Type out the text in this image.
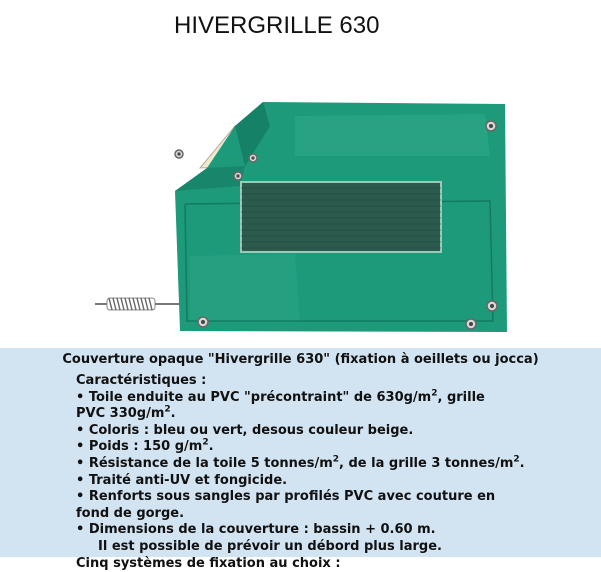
HIVERGRILLE 630
Couverture opaque "Hivergrille 630" (fixation à oeillets ou jocca)
Caractéristiques :
• Toile enduite au PVC "précontraint" de $630g/m^2$, grille PVC $330g/m^2$.
• Coloris : bleu ou vert, desous couleur beige.
• Poids : 150 $g/m^2$.
• Résistance de la toile 5 tonnes/$m^2$, de la grille 3 tonnes/$m^2$.
• Traité anti-UV et fongicide.
• Renforts sous sangles par profilés PVC avec couture en fond de gorge.
• Dimensions de la couverture : bassin + 0.60 m.
Il est possible de prévoir un débord plus large.
Cinq systèmes de fixation au choix :
